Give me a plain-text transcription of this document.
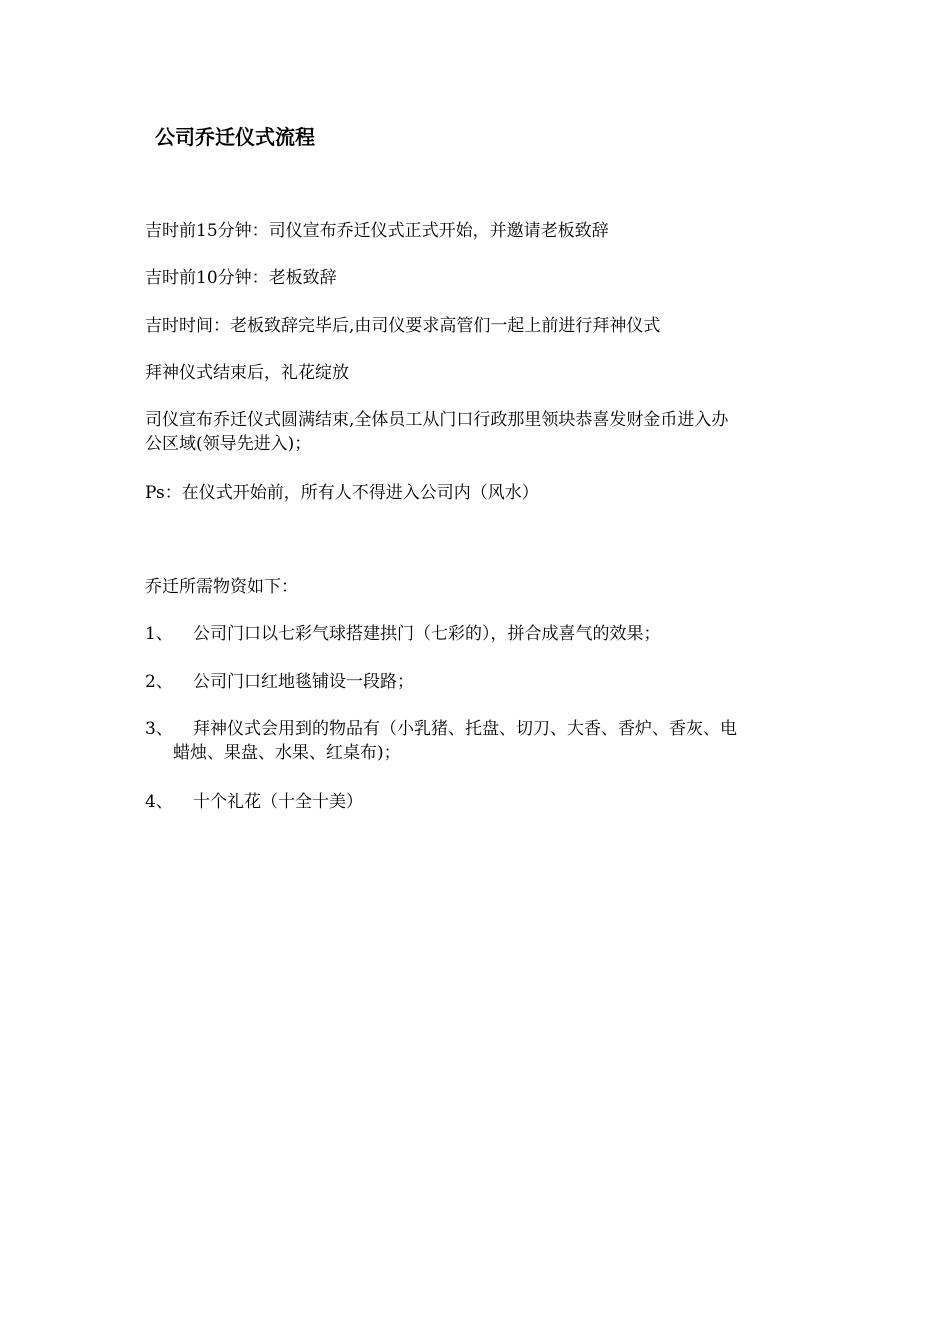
公司乔迁仪式流程
吉时前15分钟：司仪宣布乔迁仪式正式开始，并邀请老板致辞
吉时前10分钟：老板致辞
吉时时间：老板致辞完毕后,由司仪要求高管们一起上前进行拜神仪式
拜神仪式结束后，礼花绽放
司仪宣布乔迁仪式圆满结束,全体员工从门口行政那里领块恭喜发财金币进入办
公区域(领导先进入)；
Ps：在仪式开始前，所有人不得进入公司内（风水）
乔迁所需物资如下：
1、 公司门口以七彩气球搭建拱门（七彩的），拼合成喜气的效果；
2、 公司门口红地毯铺设一段路；
3、 拜神仪式会用到的物品有（小乳猪、托盘、切刀、大香、香炉、香灰、电
蜡烛、果盘、水果、红桌布)；
4、 十个礼花（十全十美）
